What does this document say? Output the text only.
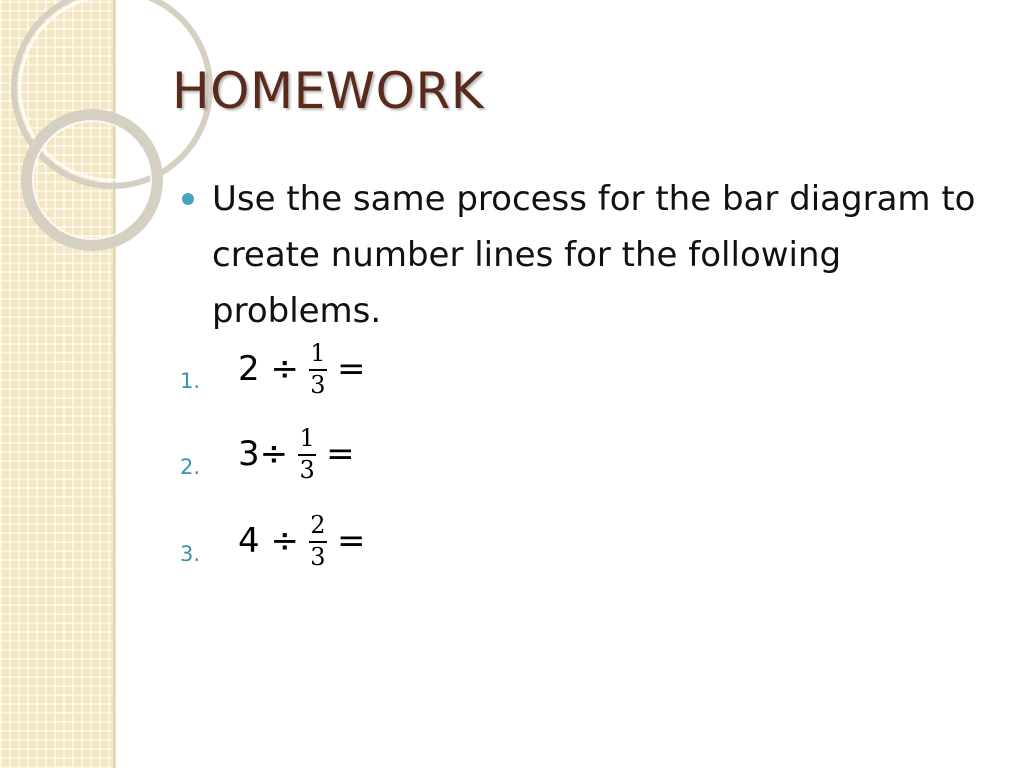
HOMEWORK
Use the same process for the bar diagram to create number lines for the following problems.
1. $2 \div \frac{1}{3}$ =
2. $3\div \frac{1}{3}$ =
3. $4 \div \frac{2}{3}$ =
